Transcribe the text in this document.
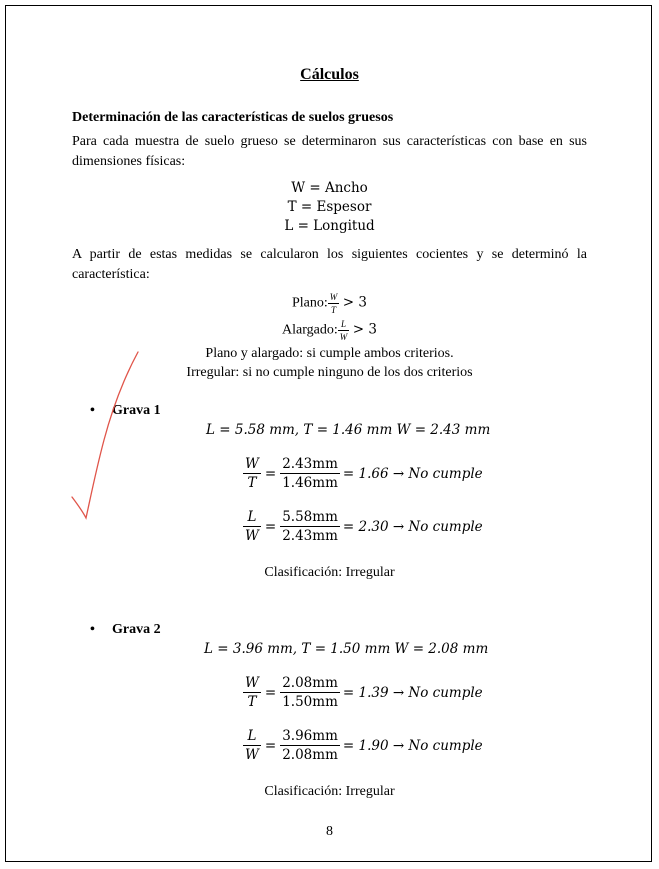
Cálculos
Determinación de las características de suelos gruesos
Para cada muestra de suelo grueso se determinaron sus características con base en sus dimensiones físicas:
W = Ancho
T = Espesor
L = Longitud
A partir de estas medidas se calcularon los siguientes cocientes y se determinó la característica:
Plano: $\frac{W}{T} > 3$
Alargado: $\frac{L}{W} > 3$
Plano y alargado: si cumple ambos criterios.
Irregular: si no cumple ninguno de los dos criterios
• Grava 1
L = 5.58 mm, T = 1.46 mm W = 2.43 mm
$\frac{W}{T} = \frac{2.43mm}{1.46mm} = 1.66 \to No$ cumple
$\frac{L}{W} = \frac{5.58mm}{2.43mm} = 2.30 \to No$ cumple
Clasificación: Irregular
• Grava 2
L = 3.96 mm, T = 1.50 mm W = 2.08 mm
$\frac{W}{T} = \frac{2.08mm}{1.50mm} = 1.39 \to No$ cumple
$\frac{L}{W} = \frac{3.96mm}{2.08mm} = 1.90 \to No$ cumple
Clasificación: Irregular
8
